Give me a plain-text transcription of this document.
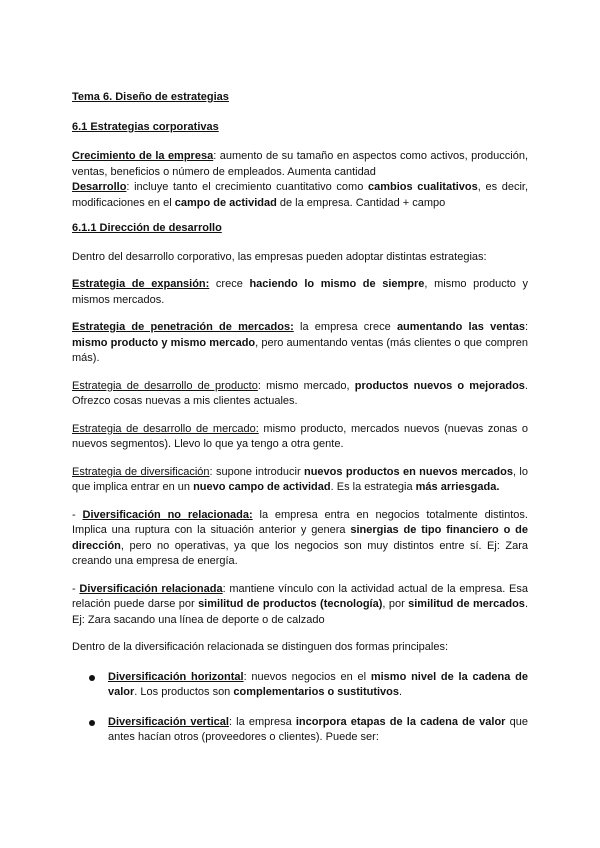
Tema 6. Diseño de estrategias

6.1 Estrategias corporativas

Crecimiento de la empresa: aumento de su tamaño en aspectos como activos, producción, ventas, beneficios o número de empleados. Aumenta cantidad

Desarrollo: incluye tanto el crecimiento cuantitativo como cambios cualitativos, es decir, modificaciones en el campo de actividad de la empresa. Cantidad + campo

6.1.1 Dirección de desarrollo

Dentro del desarrollo corporativo, las empresas pueden adoptar distintas estrategias:

Estrategia de expansión: crece haciendo lo mismo de siempre, mismo producto y mismos mercados.

Estrategia de penetración de mercados: la empresa crece aumentando las ventas: mismo producto y mismo mercado, pero aumentando ventas (más clientes o que compren más).

Estrategia de desarrollo de producto: mismo mercado, productos nuevos o mejorados. Ofrezco cosas nuevas a mis clientes actuales.

Estrategia de desarrollo de mercado: mismo producto, mercados nuevos (nuevas zonas o nuevos segmentos). Llevo lo que ya tengo a otra gente.

Estrategia de diversificación: supone introducir nuevos productos en nuevos mercados, lo que implica entrar en un nuevo campo de actividad. Es la estrategia más arriesgada.

- Diversificación no relacionada: la empresa entra en negocios totalmente distintos. Implica una ruptura con la situación anterior y genera sinergias de tipo financiero o de dirección, pero no operativas, ya que los negocios son muy distintos entre sí. Ej: Zara creando una empresa de energía.

- Diversificación relacionada: mantiene vínculo con la actividad actual de la empresa. Esa relación puede darse por similitud de productos (tecnología), por similitud de mercados. Ej: Zara sacando una línea de deporte o de calzado

Dentro de la diversificación relacionada se distinguen dos formas principales:

Diversificación horizontal: nuevos negocios en el mismo nivel de la cadena de valor. Los productos son complementarios o sustitutivos.
Diversificación vertical: la empresa incorpora etapas de la cadena de valor que antes hacían otros (proveedores o clientes). Puede ser:
